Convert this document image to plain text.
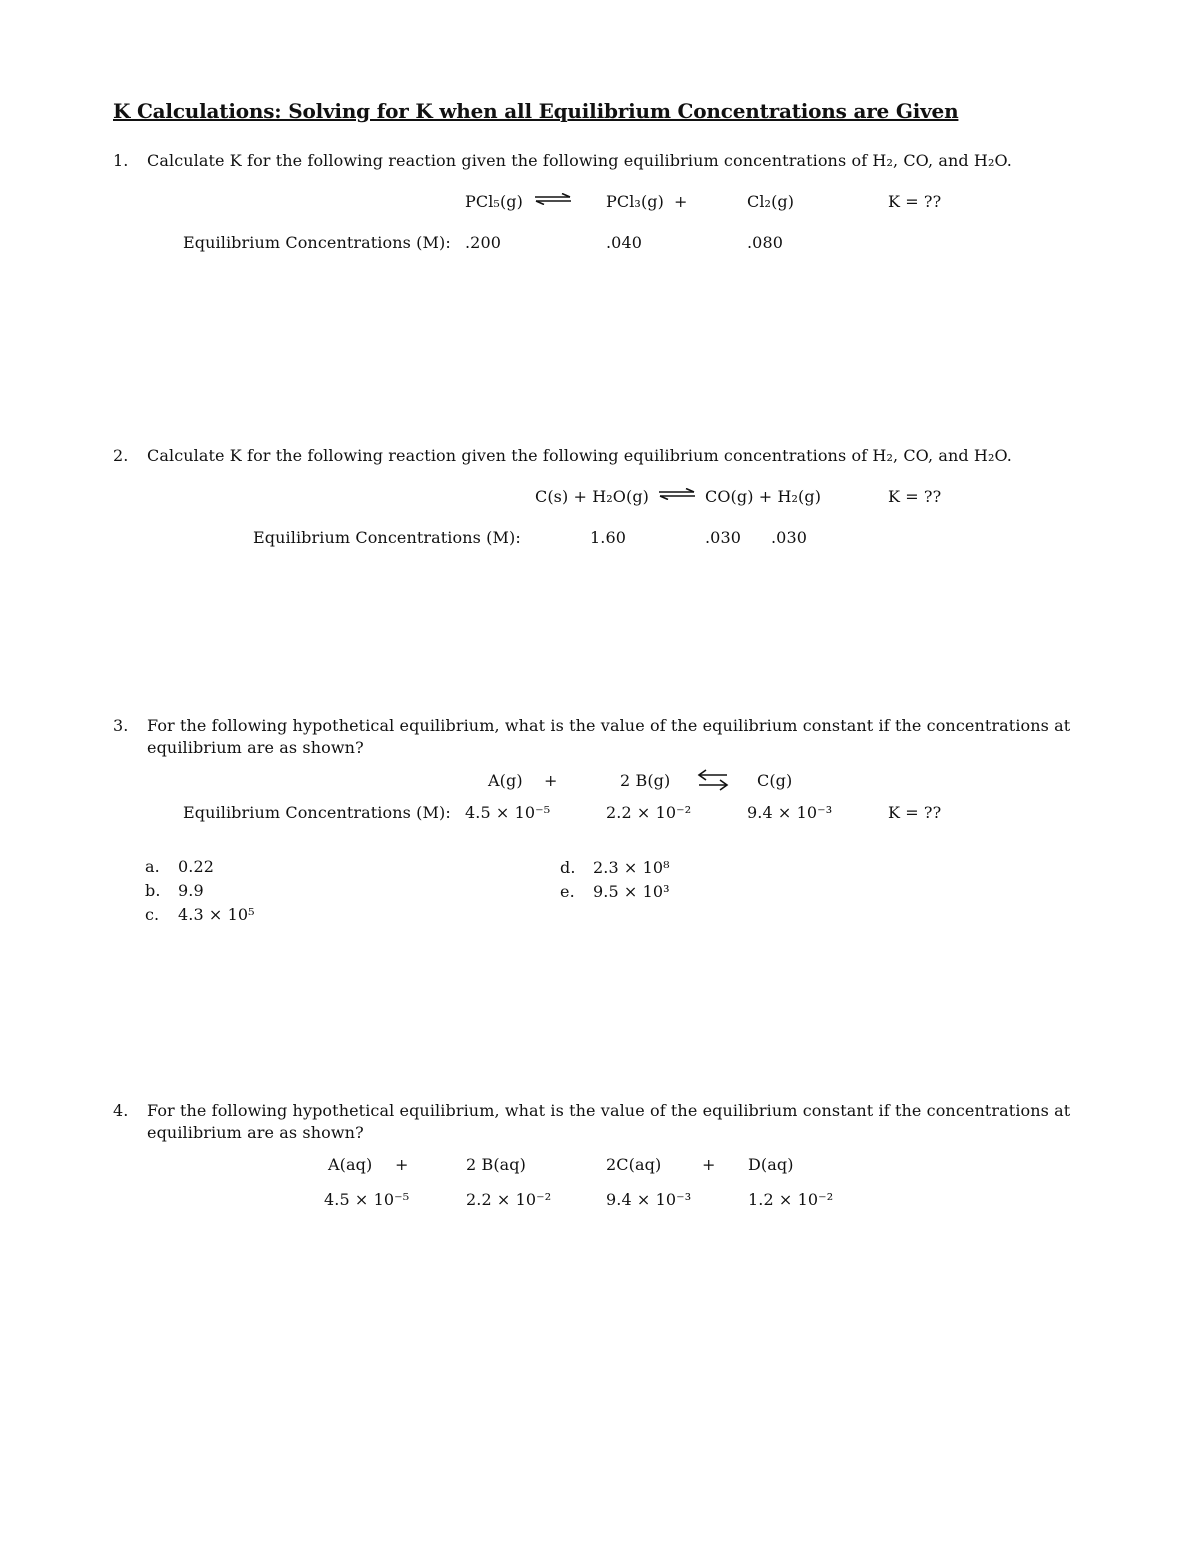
K Calculations: Solving for K when all Equilibrium Concentrations are Given
1. Calculate K for the following reaction given the following equilibrium concentrations of H₂, CO, and H₂O.
PCl₅(g) ⇌ PCl₃(g) +	Cl₂(g)	K = ??
Equilibrium Concentrations (M): .200	.040	.080
2. Calculate K for the following reaction given the following equilibrium concentrations of H₂, CO, and H₂O.
C(s) + H₂O(g) ⇌ CO(g) + H₂(g)	K = ??
Equilibrium Concentrations (M):	1.60	.030 .030
3. For the following hypothetical equilibrium, what is the value of the equilibrium constant if the concentrations at
equilibrium are as shown?
A(g) +	2 B(g)	C(g)
Equilibrium Concentrations (M): 4.5 × 10⁻⁵	2.2 × 10⁻²	9.4 × 10⁻³	K = ??
a. 0.22
b. 9.9
c. 4.3 × 10⁵
d. 2.3 × 10⁸
e. 9.5 × 10³
4. For the following hypothetical equilibrium, what is the value of the equilibrium constant if the concentrations at
equilibrium are as shown?
A(aq) +	2 B(aq)	2C(aq)	+ D(aq)
4.5 × 10⁻⁵	2.2 × 10⁻²	9.4 × 10⁻³	1.2 × 10⁻²
